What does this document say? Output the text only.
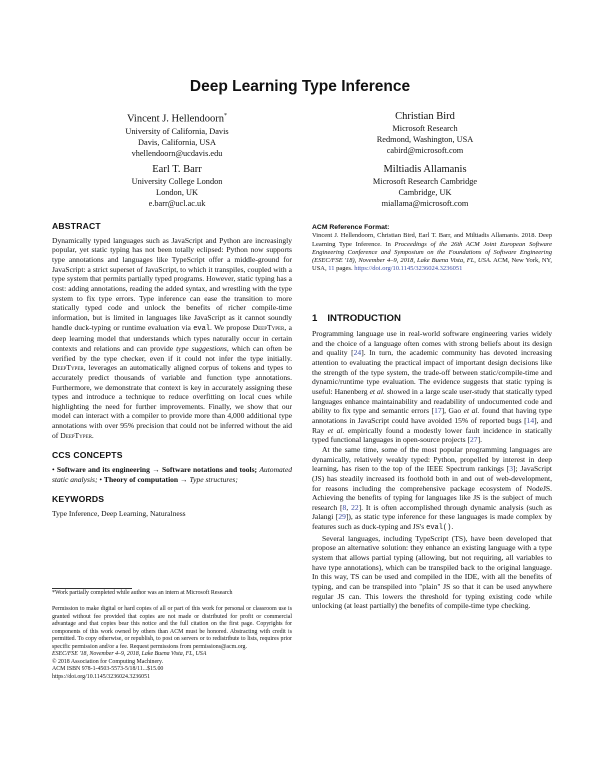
Deep Learning Type Inference
Vincent J. Hellendoorn*
University of California, Davis
Davis, California, USA
vhellendoorn@ucdavis.edu
Christian Bird
Microsoft Research
Redmond, Washington, USA
cabird@microsoft.com
Earl T. Barr
University College London
London, UK
e.barr@ucl.ac.uk
Miltiadis Allamanis
Microsoft Research Cambridge
Cambridge, UK
miallama@microsoft.com
ABSTRACT

Dynamically typed languages such as JavaScript and Python are increasingly popular, yet static typing has not been totally eclipsed: Python now supports type annotations and languages like TypeScript offer a middle-ground for JavaScript: a strict superset of JavaScript, to which it transpiles, coupled with a type system that permits partially typed programs. However, static typing has a cost: adding annotations, reading the added syntax, and wrestling with the type system to fix type errors. Type inference can ease the transition to more statically typed code and unlock the benefits of richer compile-time information, but is limited in languages like JavaScript as it cannot soundly handle duck-typing or runtime evaluation via eval. We propose DeepTyper, a deep learning model that understands which types naturally occur in certain contexts and relations and can provide type suggestions, which can often be verified by the type checker, even if it could not infer the type initially. DeepTyper, leverages an automatically aligned corpus of tokens and types to accurately predict thousands of variable and function type annotations. Furthermore, we demonstrate that context is key in accurately assigning these types and introduce a technique to reduce overfitting on local cues while highlighting the need for further improvements. Finally, we show that our model can interact with a compiler to provide more than 4,000 additional type annotations with over 95% precision that could not be inferred without the aid of DeepTyper.

CCS CONCEPTS

• Software and its engineering → Software notations and tools; Automated static analysis; • Theory of computation → Type structures;

KEYWORDS

Type Inference, Deep Learning, Naturalness

*Work partially completed while author was an intern at Microsoft Research
Permission to make digital or hard copies of all or part of this work for personal or classroom use is granted without fee provided that copies are not made or distributed for profit or commercial advantage and that copies bear this notice and the full citation on the first page. Copyrights for components of this work owned by others than ACM must be honored. Abstracting with credit is permitted. To copy otherwise, or republish, to post on servers or to redistribute to lists, requires prior specific permission and/or a fee. Request permissions from permissions@acm.org.
ESEC/FSE '18, November 4–9, 2018, Lake Buena Vista, FL, USA
© 2018 Association for Computing Machinery.
ACM ISBN 978-1-4503-5573-5/18/11...$15.00
https://doi.org/10.1145/3236024.3236051
ACM Reference Format:
Vincent J. Hellendoorn, Christian Bird, Earl T. Barr, and Miltiadis Allamanis. 2018. Deep Learning Type Inference. In Proceedings of the 26th ACM Joint European Software Engineering Conference and Symposium on the Foundations of Software Engineering (ESEC/FSE '18), November 4–9, 2018, Lake Buena Vista, FL, USA. ACM, New York, NY, USA, 11 pages. https://doi.org/10.1145/3236024.3236051
1 INTRODUCTION

Programming language use in real-world software engineering varies widely and the choice of a language often comes with strong beliefs about its design and quality [24]. In turn, the academic community has devoted increasing attention to evaluating the practical impact of important design decisions like the strength of the type system, the trade-off between static/compile-time and dynamic/runtime type evaluation. The evidence suggests that static typing is useful: Hanenberg et al. showed in a large scale user-study that statically typed languages enhance maintainability and readability of undocumented code and ability to fix type and semantic errors [17], Gao et al. found that having type annotations in JavaScript could have avoided 15% of reported bugs [14], and Ray et al. empirically found a modestly lower fault incidence in statically typed functional languages in open-source projects [27].

At the same time, some of the most popular programming languages are dynamically, relatively weakly typed: Python, propelled by interest in deep learning, has risen to the top of the IEEE Spectrum rankings [3]; JavaScript (JS) has steadily increased its foothold both in and out of web-development, for reasons including the comprehensive package ecosystem of NodeJS. Achieving the benefits of typing for languages like JS is the subject of much research [8, 22]. It is often accomplished through dynamic analysis (such as Jalangi [29]), as static type inference for these languages is made complex by features such as duck-typing and JS's eval().

Several languages, including TypeScript (TS), have been developed that propose an alternative solution: they enhance an existing language with a type system that allows partial typing (allowing, but not requiring, all variables to have type annotations), which can be transpiled back to the original language. In this way, TS can be used and compiled in the IDE, with all the benefits of typing, and can be transpiled into "plain" JS so that it can be used anywhere regular JS can. This lowers the threshold for typing existing code while unlocking (at least partially) the benefits of compile-time type checking.
